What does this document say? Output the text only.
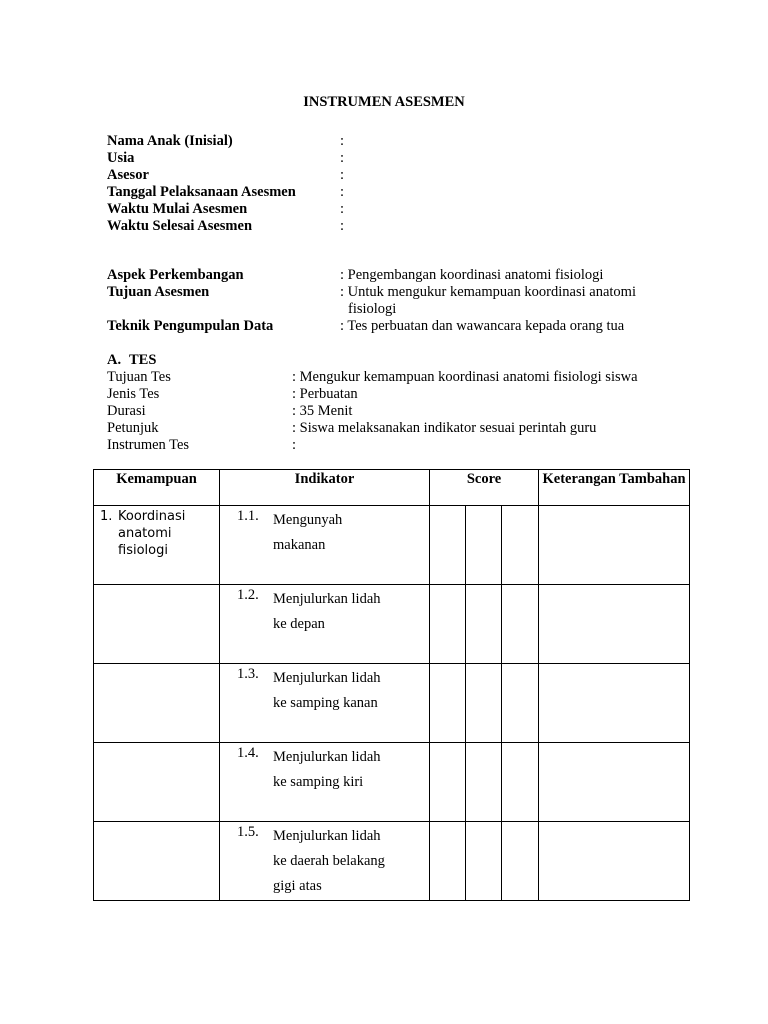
INSTRUMEN ASESMEN
Nama Anak (Inisial)	:
Usia	:
Asesor	:
Tanggal Pelaksanaan Asesmen	:
Waktu Mulai Asesmen	:
Waktu Selesai Asesmen	:
Aspek Perkembangan	: Pengembangan koordinasi anatomi fisiologi
Tujuan Asesmen	: Untuk mengukur kemampuan koordinasi anatomi
fisiologi
Teknik Pengumpulan Data	: Tes perbuatan dan wawancara kepada orang tua
A. TES
Tujuan Tes	: Mengukur kemampuan koordinasi anatomi fisiologi siswa
Jenis Tes	: Perbuatan
Durasi	: 35 Menit
Petunjuk	: Siswa melaksanakan indikator sesuai perintah guru
Instrumen Tes	:
Kemampuan	Indikator	Score			Keterangan Tambahan
1. Koordinasi anatomi fisiologi	1.1. Mengunyah
makanan				

	1.2. Menjulurkan lidah
ke depan				

	1.3. Menjulurkan lidah
ke samping kanan				

	1.4. Menjulurkan lidah
ke samping kiri				

	1.5. Menjulurkan lidah
ke daerah belakang
gigi atas				
